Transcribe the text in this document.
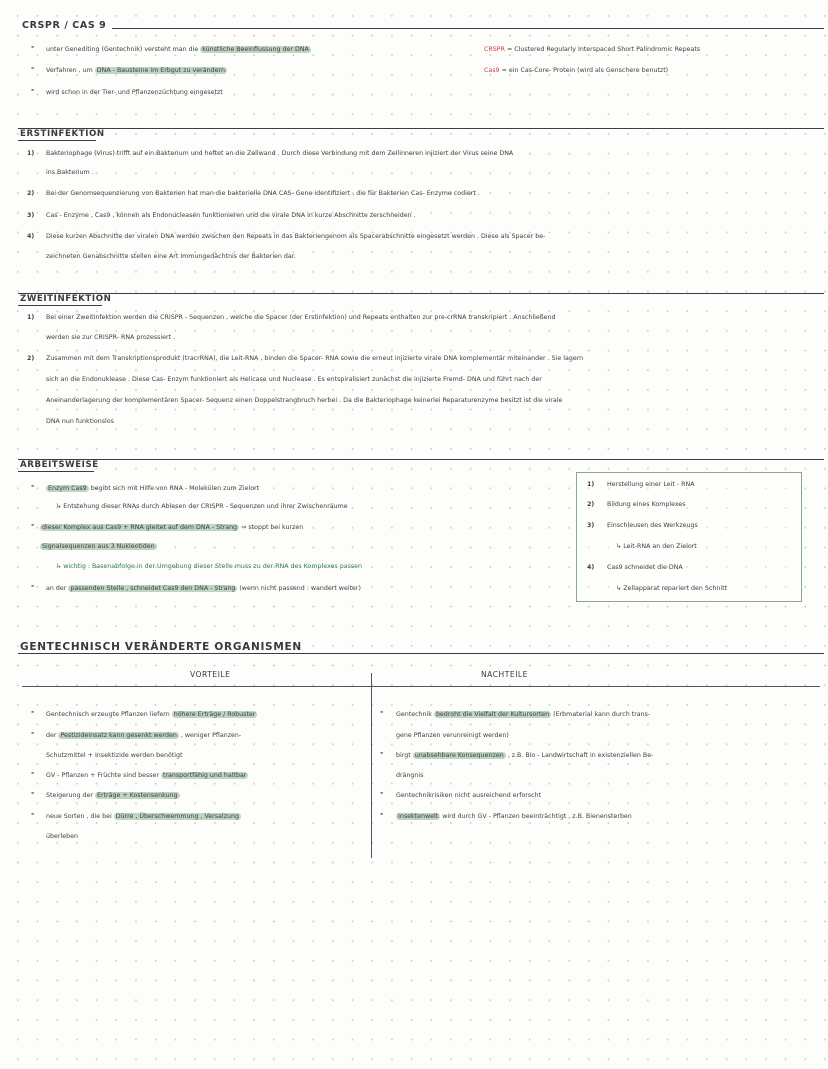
CRSPR / CAS 9
- unter Genediting (Gentechnik) versteht man die künstliche Beeinflussung der DNA
- Verfahren , um DNA - Bausteine im Erbgut zu verändern
- wird schon in der Tier- und Pflanzenzüchtung eingesetzt
CRSPR = Clustered Regularly Interspaced Short Palindromic Repeats
Cas9 = ein Cas-Core- Protein (wird als Genschere benutzt)
ERSTINFEKTION
1) Bakteriophage (Virus) trifft auf ein Bakterium und heftet an die Zellwand . Durch diese Verbindung mit dem Zellinneren injiziert der Virus seine DNA
ins Bakterium .
2) Bei der Genomsequenzierung von Bakterien hat man die bakterielle DNA CAS- Gene identifiziert , die für Bakterien Cas- Enzyme codiert .
3) Cas - Enzyme , Cas9 , können als Endonucleasen funktionieren und die virale DNA in kurze Abschnitte zerschneiden .
4) Diese kurzen Abschnitte der viralen DNA werden zwischen den Repeats in das Bakteriengenom als Spacerabschnitte eingesetzt werden . Diese als Spacer be-
zeichneten Genabschnitte stellen eine Art Immungedächtnis der Bakterien dar.
ZWEITINFEKTION
1) Bei einer Zweitinfektion werden die CRISPR - Sequenzen , welche die Spacer (der Erstinfektion) und Repeats enthalten zur pre-crRNA transkripiert . Anschließend
werden sie zur CRISPR- RNA prozessiert .
2) Zusammen mit dem Transkriptionsprodukt (tracrRNA), die Leit-RNA , binden die Spacer- RNA sowie die erneut injizierte virale DNA komplementär miteinander . Sie lagern
sich an die Endonuklease . Diese Cas- Enzym funktioniert als Helicase und Nuclease . Es entspiralisiert zunächst die injizierte Fremd- DNA und führt nach der
Aneinanderlagerung der komplementären Spacer- Sequenz einen Doppelstrangbruch herbei . Da die Bakteriophage keinerlei Reparaturenzyme besitzt ist die virale
DNA nun funktionslos
ARBEITSWEISE
-	Enzym Cas9 begibt sich mit Hilfe von RNA - Molekülen zum Zielort
↳ Entstehung dieser RNAs durch Ablesen der CRISPR - Sequenzen und ihrer Zwischenräume
-	dieser Komplex aus Cas9 + RNA gleitet auf dem DNA - Strang ⇒ stoppt bei kurzen
Signalsequenzen aus 3 Nukleotiden
↳ wichtig : Basenabfolge in der Umgebung dieser Stelle muss zu der RNA des Komplexes passen
- an der passenden Stelle , schneidet Cas9 den DNA - Strang (wenn nicht passend : wandert weiter)
1) Herstellung einer Leit - RNA
2) Bildung eines Komplexes
3) Einschleusen des Werkzeugs
↳ Leit-RNA an den Zielort
4) Cas9 schneidet die DNA
↳ Zellapparat repariert den Schnitt
GENTECHNISCH VERÄNDERTE ORGANISMEN
VORTEILE	NACHTEILE
- Gentechnisch erzeugte Pflanzen liefern höhere Erträge / Robuster
- der Pestizideinsatz kann gesenkt werden , weniger Pflanzen-
Schutzmittel + Insektizide werden benötigt
- GV - Pflanzen + Früchte sind besser transportfähig und haltbar
- Steigerung der Erträge + Kostensenkung
- neue Sorten , die bei Dürre , Überschwemmung , Versalzung
überleben
- Gentechnik bedroht die Vielfalt der Kultursorten (Erbmaterial kann durch trans-
gene Pflanzen verunreinigt werden)
- birgt unabsehbare Konsequenzen , z.B. Bio - Landwirtschaft in existenziellen Be-
drängnis
- Gentechnikrisiken nicht ausreichend erforscht
-	Insektenwelt wird durch GV - Pflanzen beeinträchtigt , z.B. Bienensterben
